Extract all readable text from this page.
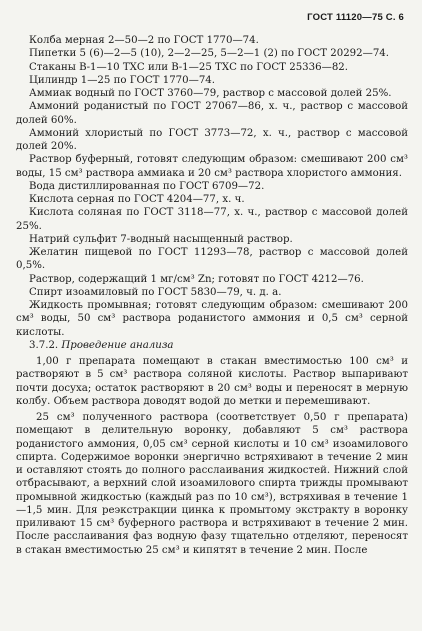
ГОСТ 11120—75 С. 6

Колба мерная 2—50—2 по ГОСТ 1770—74.

Пипетки 5 (6)—2—5 (10), 2—2—25, 5—2—1 (2) по ГОСТ 20292—74.

Стаканы В-1—10 ТХС или В-1—25 ТХС по ГОСТ 25336—82.

Цилиндр 1—25 по ГОСТ 1770—74.

Аммиак водный по ГОСТ 3760—79, раствор с массовой долей 25%.

Аммоний роданистый по ГОСТ 27067—86, х. ч., раствор с массовой долей 60%.

Аммоний хлористый по ГОСТ 3773—72, х. ч., раствор с массовой долей 20%.

Раствор буферный, готовят следующим образом: смешивают 200 см³ воды, 15 см³ раствора аммиака и 20 см³ раствора хлористого аммония.

Вода дистиллированная по ГОСТ 6709—72.

Кислота серная по ГОСТ 4204—77, х. ч.

Кислота соляная по ГОСТ 3118—77, х. ч., раствор с массовой долей 25%.

Натрий сульфит 7-водный насыщенный раствор.

Желатин пищевой по ГОСТ 11293—78, раствор с массовой долей 0,5%.

Раствор, содержащий 1 мг/см³ Zn; готовят по ГОСТ 4212—76.

Спирт изоамиловый по ГОСТ 5830—79, ч. д. а.

Жидкость промывная; готовят следующим образом: смешивают 200 см³ воды, 50 см³ раствора роданистого аммония и 0,5 см³ серной кислоты.

3.7.2. Проведение анализа

1,00 г препарата помещают в стакан вместимостью 100 см³ и растворяют в 5 см³ раствора соляной кислоты. Раствор выпаривают почти досуха; остаток растворяют в 20 см³ воды и переносят в мерную колбу. Объем раствора доводят водой до метки и перемешивают.

25 см³ полученного раствора (соответствует 0,50 г препарата) помещают в делительную воронку, добавляют 5 см³ раствора роданистого аммония, 0,05 см³ серной кислоты и 10 см³ изоамилового спирта. Содержимое воронки энергично встряхивают в течение 2 мин и оставляют стоять до полного расслаивания жидкостей. Нижний слой отбрасывают, а верхний слой изоамилового спирта трижды промывают промывной жидкостью (каждый раз по 10 см³), встряхивая в течение 1—1,5 мин. Для реэкстракции цинка к промытому экстракту в воронку приливают 15 см³ буферного раствора и встряхивают в течение 2 мин. После расслаивания фаз водную фазу тщательно отделяют, переносят в стакан вместимостью 25 см³ и кипятят в течение 2 мин. После
